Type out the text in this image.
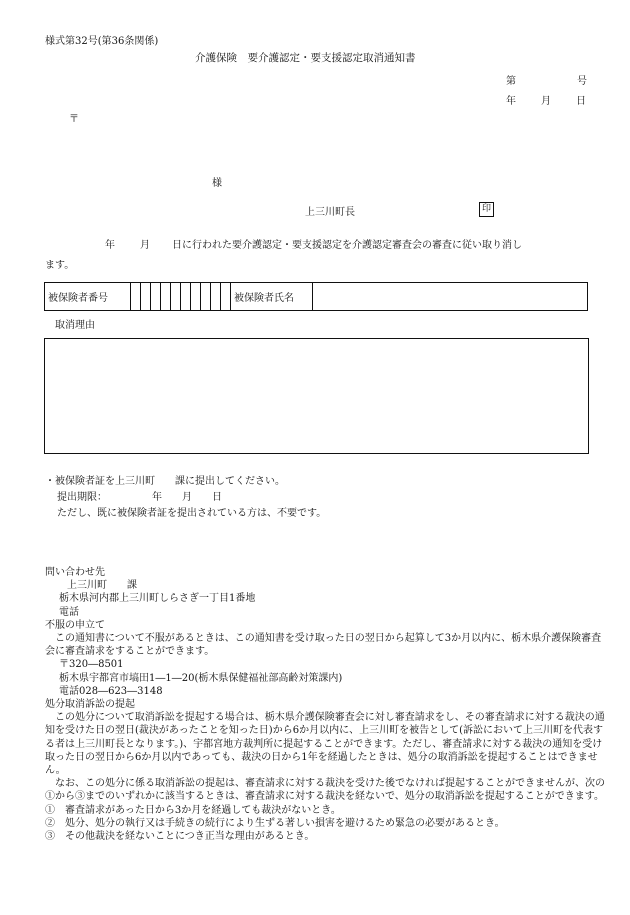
様式第32号(第36条関係)
介護保険　要介護認定・要支援認定取消通知書
第	号
年	月	日
〒
様
上三川町長	印
年	月 日に行われた要介護認定・要支援認定を介護認定審査会の審査に従い取り消し
ます。
被保険者番号											被保険者氏名	
取消理由
・被保険者証を上三川町　　課に提出してください。
提出期限：　　　　　年　　月　　日
ただし、既に被保険者証を提出されている方は、不要です。
問い合わせ先
上三川町　　課
栃木県河内郡上三川町しらさぎ一丁目1番地
電話
不服の申立て
この通知書について不服があるときは、この通知書を受け取った日の翌日から起算して3か月以内に、栃木県介護保険審査会に審査請求をすることができます。
〒320―8501
栃木県宇都宮市塙田1―1―20(栃木県保健福祉部高齢対策課内)
電話028―623―3148
処分取消訴訟の提起
この処分について取消訴訟を提起する場合は、栃木県介護保険審査会に対し審査請求をし、その審査請求に対する裁決の通知を受けた日の翌日(裁決があったことを知った日)から6か月以内に、上三川町を被告として(訴訟において上三川町を代表する者は上三川町長となります。)、宇都宮地方裁判所に提起することができます。ただし、審査請求に対する裁決の通知を受け取った日の翌日から6か月以内であっても、裁決の日から1年を経過したときは、処分の取消訴訟を提起することはできません。
なお、この処分に係る取消訴訟の提起は、審査請求に対する裁決を受けた後でなければ提起することができませんが、次の①から③までのいずれかに該当するときは、審査請求に対する裁決を経ないで、処分の取消訴訟を提起することができます。
①　審査請求があった日から3か月を経過しても裁決がないとき。
②　処分、処分の執行又は手続きの続行により生ずる著しい損害を避けるため緊急の必要があるとき。
③　その他裁決を経ないことにつき正当な理由があるとき。
